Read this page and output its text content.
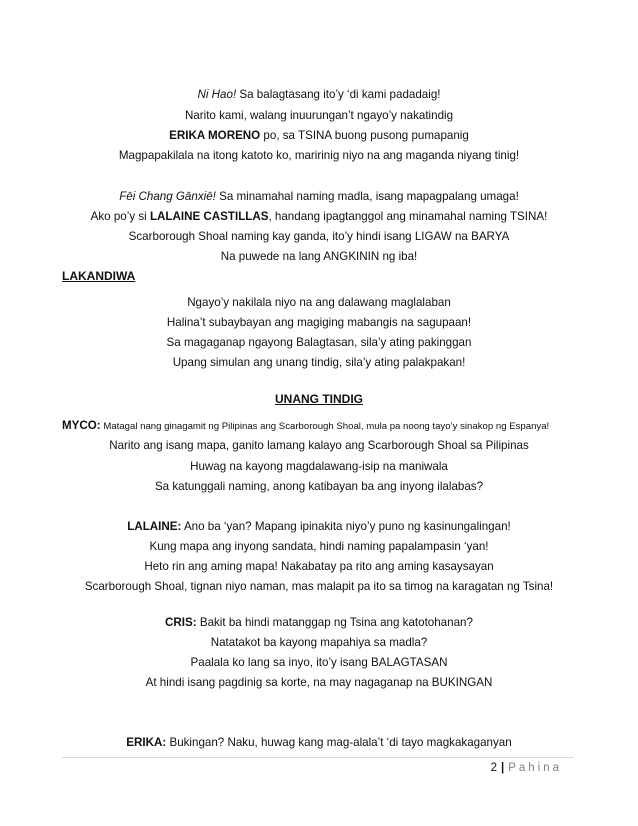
Ni Hao! Sa balagtasang ito’y ‘di kami padadaig!
Narito kami, walang inuurungan’t ngayo’y nakatindig
ERIKA MORENO po, sa TSINA buong pusong pumapanig
Magpapakilala na itong katoto ko, maririnig niyo na ang maganda niyang tinig!
Fēi Chang Gānxiē! Sa minamahal naming madla, isang mapagpalang umaga!
Ako po’y si LALAINE CASTILLAS, handang ipagtanggol ang minamahal naming TSINA!
Scarborough Shoal naming kay ganda, ito’y hindi isang LIGAW na BARYA
Na puwede na lang ANGKININ ng iba!
LAKANDIWA
Ngayo’y nakilala niyo na ang dalawang maglalaban
Halina’t subaybayan ang magiging mabangis na sagupaan!
Sa magaganap ngayong Balagtasan, sila’y ating pakinggan
Upang simulan ang unang tindig, sila’y ating palakpakan!
UNANG TINDIG
MYCO: Matagal nang ginagamit ng Pilipinas ang Scarborough Shoal, mula pa noong tayo’y sinakop ng Espanya!
Narito ang isang mapa, ganito lamang kalayo ang Scarborough Shoal sa Pilipinas
Huwag na kayong magdalawang-isip na maniwala
Sa katunggali naming, anong katibayan ba ang inyong ilalabas?
LALAINE: Ano ba ‘yan? Mapang ipinakita niyo’y puno ng kasinungalingan!
Kung mapa ang inyong sandata, hindi naming papalampasin ‘yan!
Heto rin ang aming mapa! Nakabatay pa rito ang aming kasaysayan
Scarborough Shoal, tignan niyo naman, mas malapit pa ito sa timog na karagatan ng Tsina!
CRIS: Bakit ba hindi matanggap ng Tsina ang katotohanan?
Natatakot ba kayong mapahiya sa madla?
Paalala ko lang sa inyo, ito’y isang BALAGTASAN
At hindi isang pagdinig sa korte, na may nagaganap na BUKINGAN
ERIKA: Bukingan? Naku, huwag kang mag-alala’t ‘di tayo magkakaganyan
2 | Pahina
